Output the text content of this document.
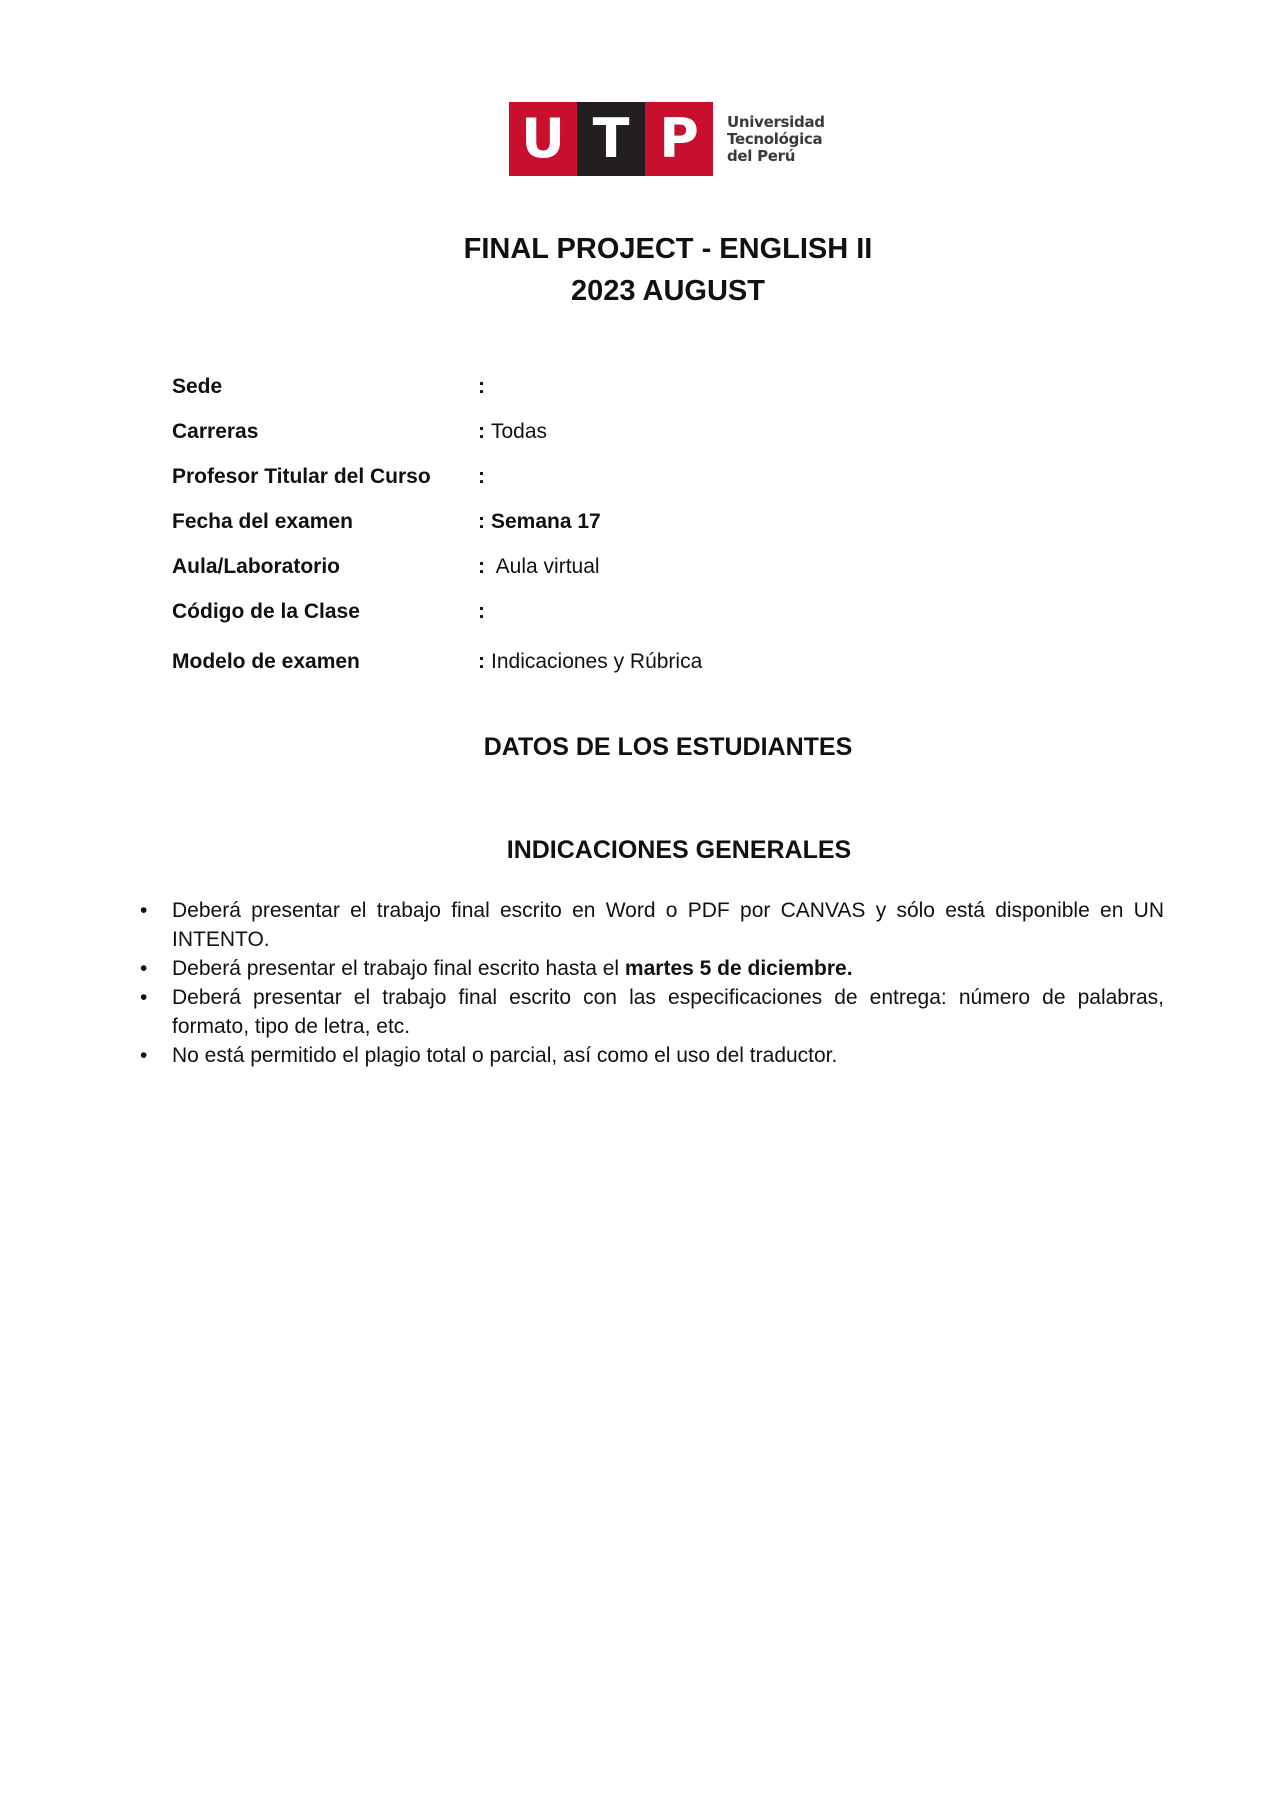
U T P	Universidad
Tecnológica
del Perú
FINAL PROJECT - ENGLISH II
2023 AUGUST
Sede	:
Carreras	: Todas
Profesor Titular del Curso	:
Fecha del examen	: Semana 17
Aula/Laboratorio	: Aula virtual
Código de la Clase	:
Modelo de examen	: Indicaciones y Rúbrica
DATOS DE LOS ESTUDIANTES
INDICACIONES GENERALES
• Deberá presentar el trabajo final escrito en Word o PDF por CANVAS y sólo está disponible en UN INTENTO.
• Deberá presentar el trabajo final escrito hasta el martes 5 de diciembre.
• Deberá presentar el trabajo final escrito con las especificaciones de entrega: número de palabras, formato, tipo de letra, etc.
• No está permitido el plagio total o parcial, así como el uso del traductor.
